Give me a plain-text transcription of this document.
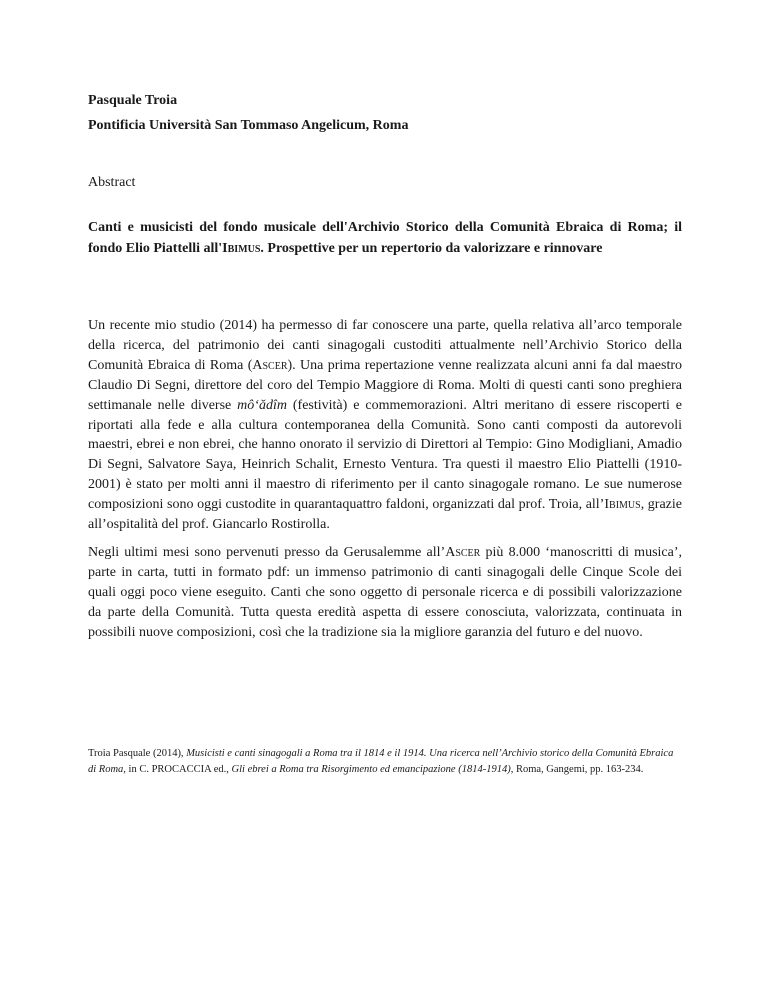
Pasquale Troia

Pontificia Università San Tommaso Angelicum, Roma

Abstract

Canti e musicisti del fondo musicale dell'Archivio Storico della Comunità Ebraica di Roma; il fondo Elio Piattelli all'Ibimus. Prospettive per un repertorio da valorizzare e rinnovare

Un recente mio studio (2014) ha permesso di far conoscere una parte, quella relativa all’arco temporale della ricerca, del patrimonio dei canti sinagogali custoditi attualmente nell’Archivio Storico della Comunità Ebraica di Roma (Ascer). Una prima repertazione venne realizzata alcuni anni fa dal maestro Claudio Di Segni, direttore del coro del Tempio Maggiore di Roma. Molti di questi canti sono preghiera settimanale nelle diverse mô‘ădîm (festività) e commemorazioni. Altri meritano di essere riscoperti e riportati alla fede e alla cultura contemporanea della Comunità. Sono canti composti da autorevoli maestri, ebrei e non ebrei, che hanno onorato il servizio di Direttori al Tempio: Gino Modigliani, Amadio Di Segni, Salvatore Saya, Heinrich Schalit, Ernesto Ventura. Tra questi il maestro Elio Piattelli (1910-2001) è stato per molti anni il maestro di riferimento per il canto sinagogale romano. Le sue numerose composizioni sono oggi custodite in quarantaquattro faldoni, organizzati dal prof. Troia, all’Ibimus, grazie all’ospitalità del prof. Giancarlo Rostirolla.

Negli ultimi mesi sono pervenuti presso da Gerusalemme all’Ascer più 8.000 ‘manoscritti di musica’, parte in carta, tutti in formato pdf: un immenso patrimonio di canti sinagogali delle Cinque Scole dei quali oggi poco viene eseguito. Canti che sono oggetto di personale ricerca e di possibili valorizzazione da parte della Comunità. Tutta questa eredità aspetta di essere conosciuta, valorizzata, continuata in possibili nuove composizioni, così che la tradizione sia la migliore garanzia del futuro e del nuovo.

Troia Pasquale (2014), Musicisti e canti sinagogali a Roma tra il 1814 e il 1914. Una ricerca nell’Archivio storico della Comunità Ebraica di Roma, in C. PROCACCIA ed., Gli ebrei a Roma tra Risorgimento ed emancipazione (1814-1914), Roma, Gangemi, pp. 163-234.
